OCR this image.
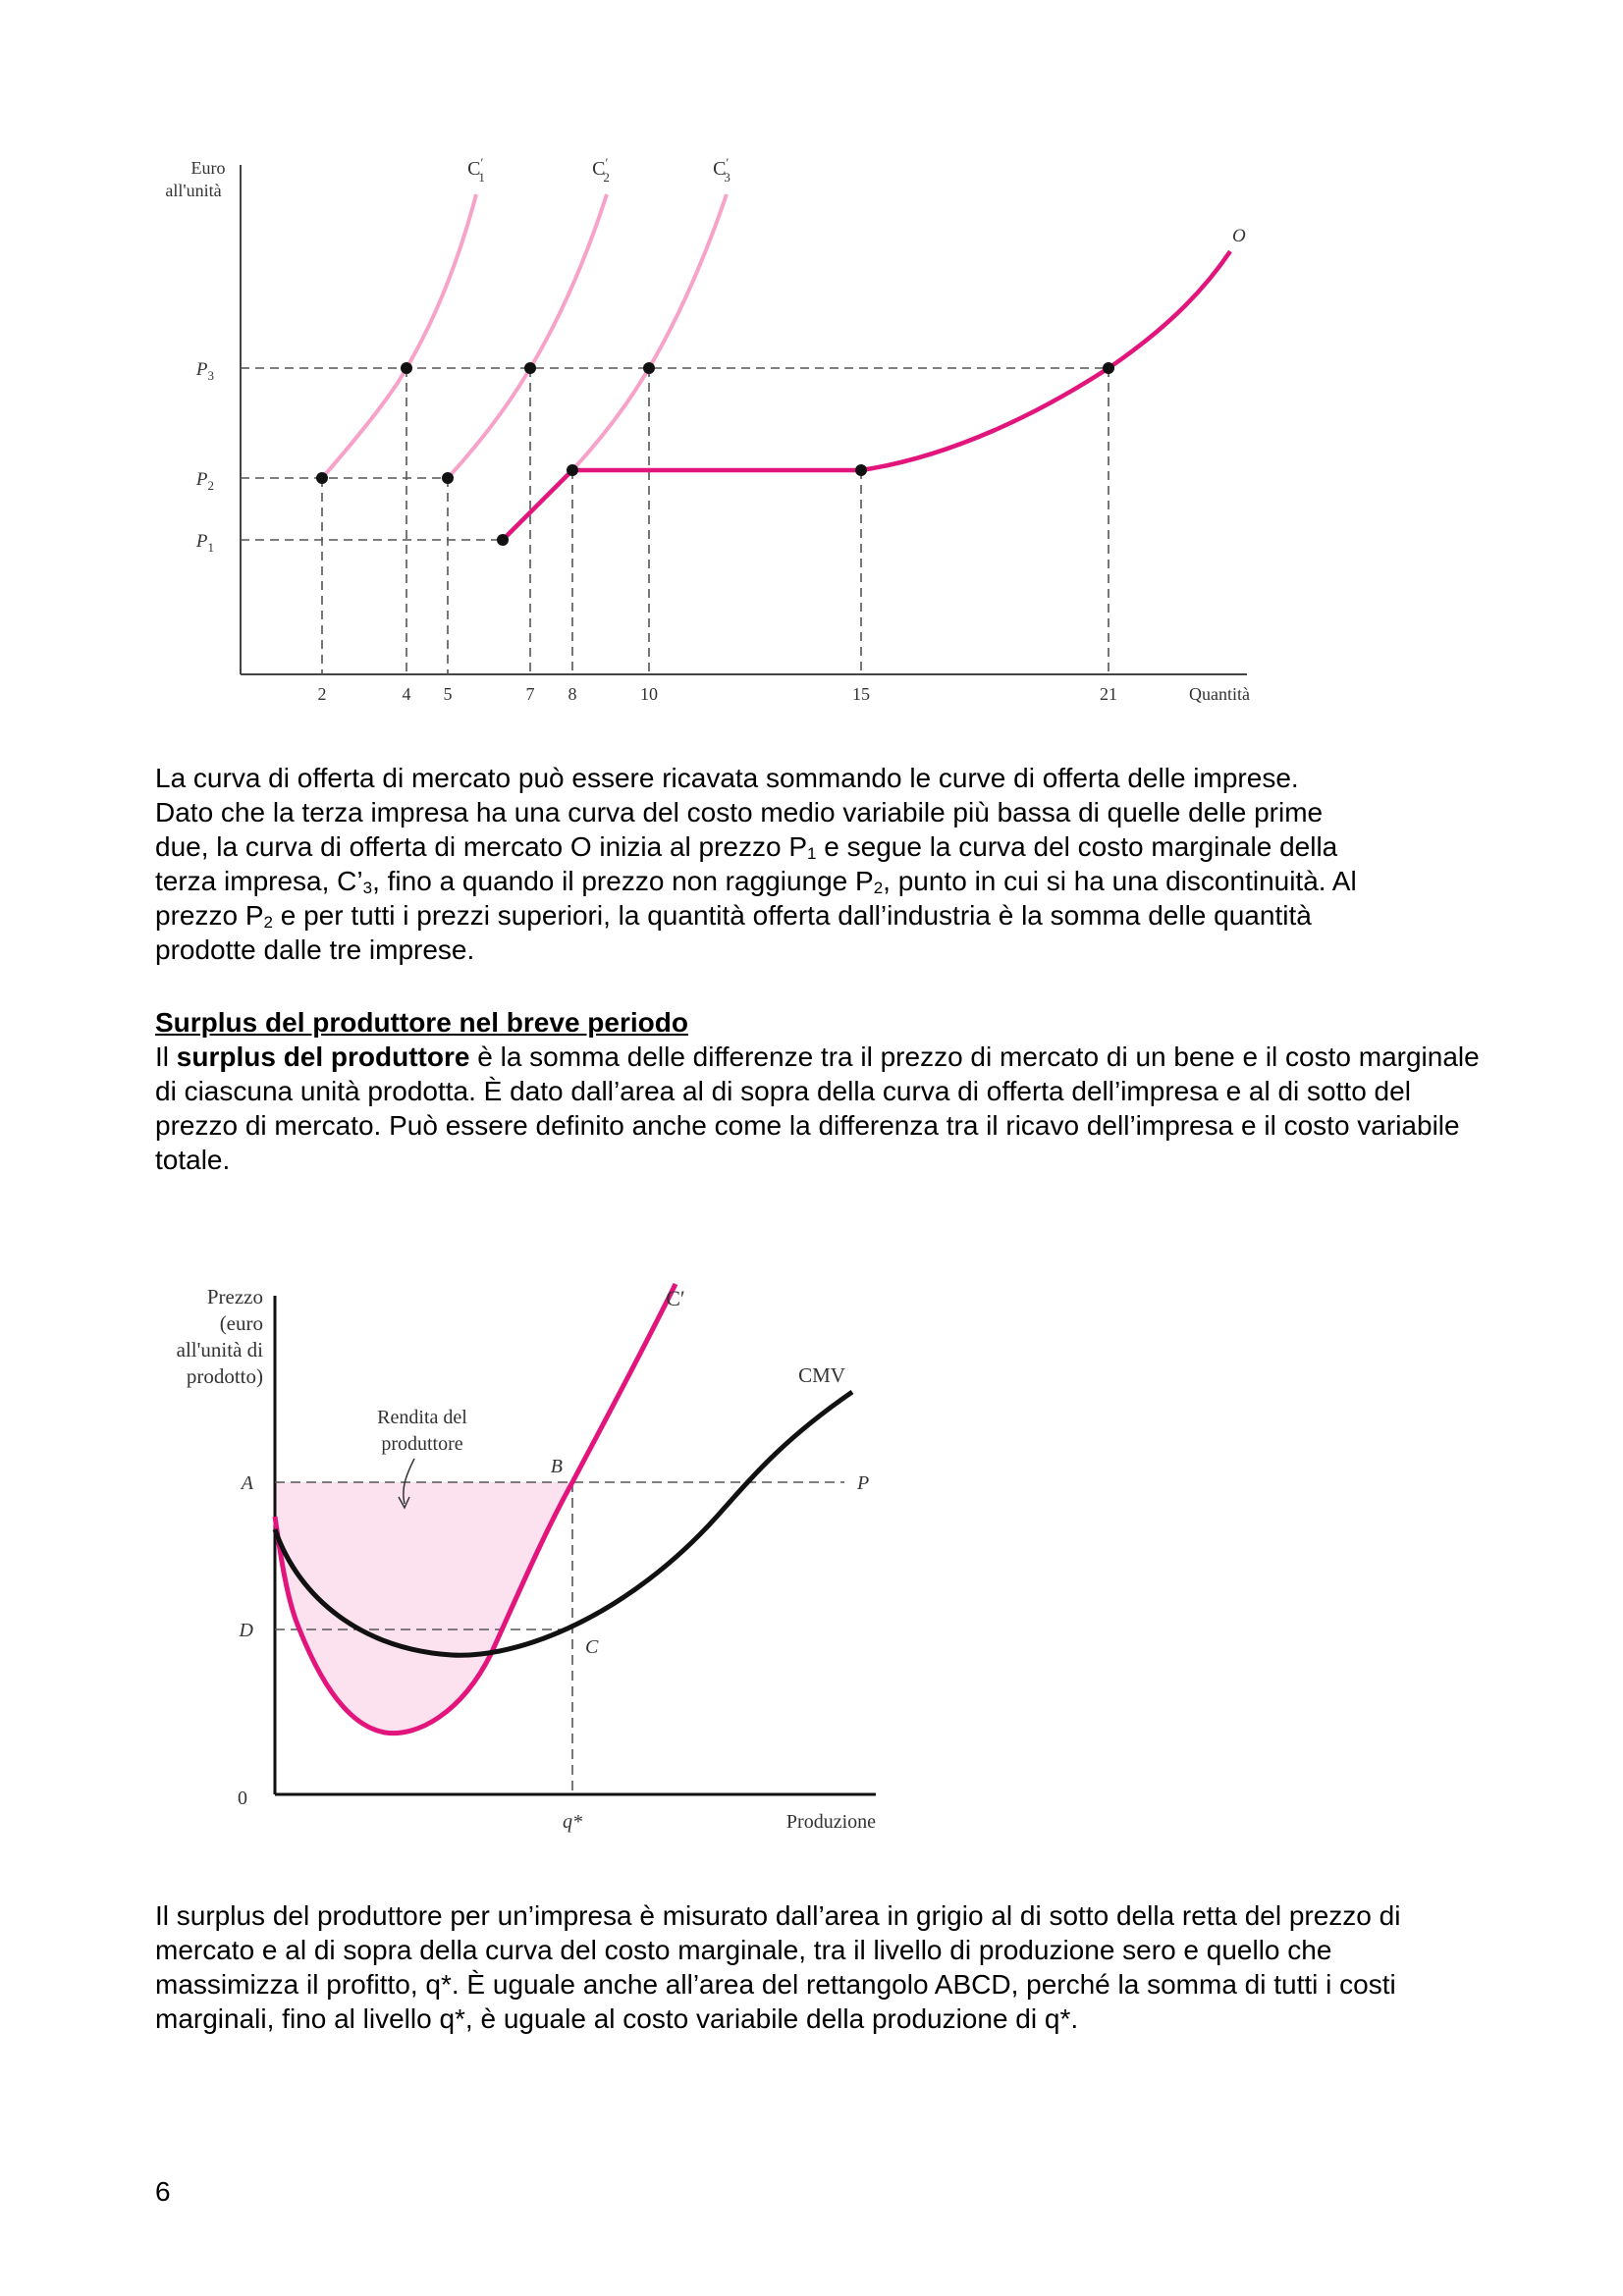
Euro
all'unità
Quantità
C′ 1	C′ 2	C′ 3
O
$P_3$
$P_2$
$P_1$
2	4 5	7 8	10	15	21
La curva di offerta di mercato può essere ricavata sommando le curve di offerta delle imprese.
Dato che la terza impresa ha una curva del costo medio variabile più bassa di quelle delle prime
due, la curva di offerta di mercato O inizia al prezzo $P_1$ e segue la curva del costo marginale della
terza impresa, $C’_3$, fino a quando il prezzo non raggiunge $P_2$, punto in cui si ha una discontinuità. Al
prezzo $P_2$ e per tutti i prezzi superiori, la quantità offerta dall’industria è la somma delle quantità
prodotte dalle tre imprese.
Surplus del produttore nel breve periodo

Il surplus del produttore è la somma delle differenze tra il prezzo di mercato di un bene e il costo marginale di ciascuna unità prodotta. È dato dall’area al di sopra della curva di offerta dell’impresa e al di sotto del prezzo di mercato. Può essere definito anche come la differenza tra il ricavo dell’impresa e il costo variabile totale.

Prezzo
(euro
all'unità di
prodotto)
C′
CMV
Rendita del
produttore
A
B
C
D
P
0
q*	Produzione

Il surplus del produttore per un’impresa è misurato dall’area in grigio al di sotto della retta del prezzo di mercato e al di sopra della curva del costo marginale, tra il livello di produzione sero e quello che massimizza il profitto, q*. È uguale anche all’area del rettangolo ABCD, perché la somma di tutti i costi marginali, fino al livello q*, è uguale al costo variabile della produzione di q*.

6
